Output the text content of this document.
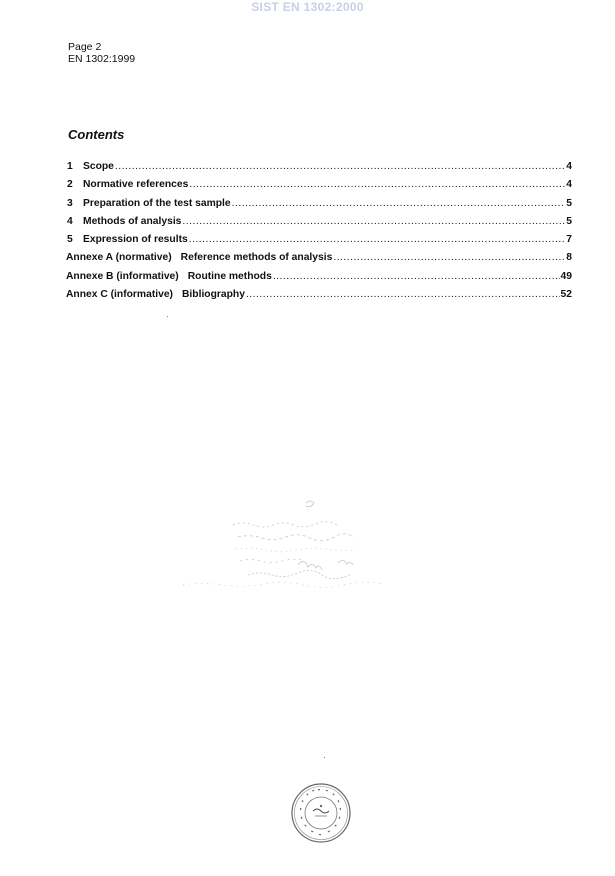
SIST EN 1302:2000
Page 2
EN 1302:1999
Contents
1 Scope .....	4
2 Normative references .....	4
3 Preparation of the test sample .....	5
4 Methods of analysis .....	5
5 Expression of results .....	7
Annexe A (normative) Reference methods of analysis .....	8
Annexe B (informative) Routine methods .....	49
Annex C (informative) Bibliography .....	52
